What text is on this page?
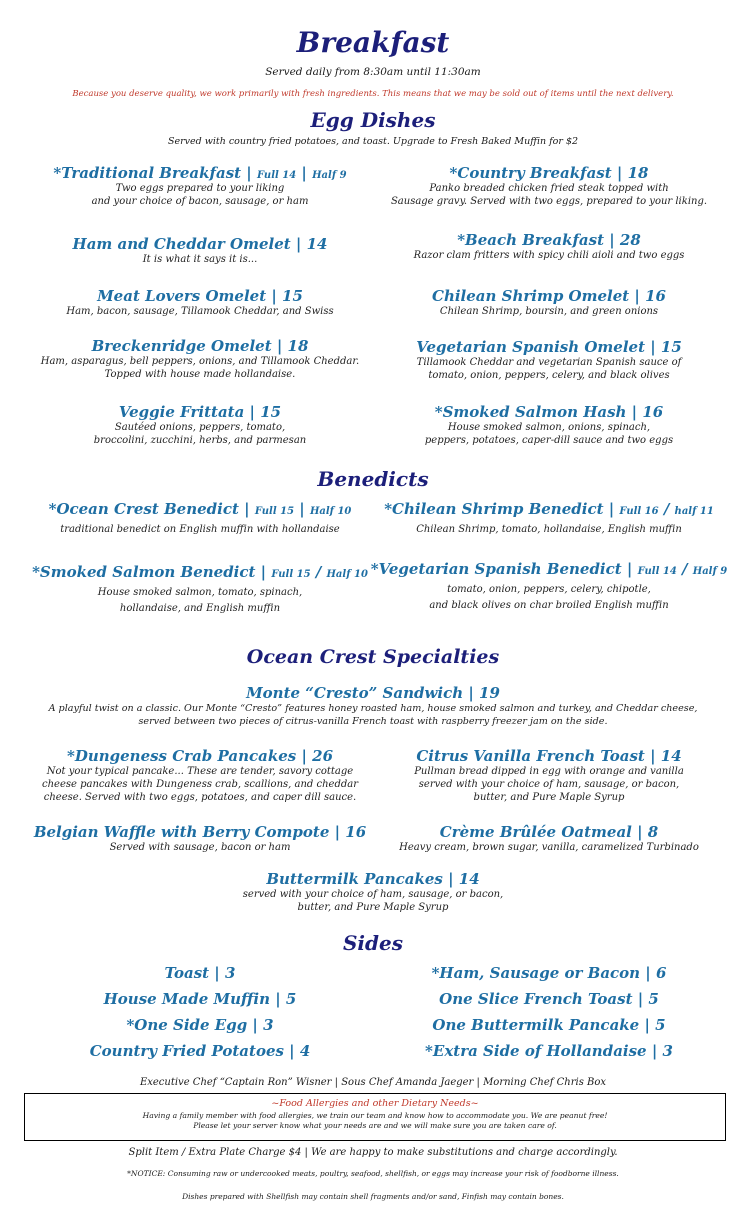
Breakfast
Served daily from 8:30am until 11:30am
Because you deserve quality, we work primarily with fresh ingredients. This means that we may be sold out of items until the next delivery.
Egg Dishes
Served with country fried potatoes, and toast. Upgrade to Fresh Baked Muffin for $2
*Traditional Breakfast | Full 14 | Half 9
Two eggs prepared to your liking
and your choice of bacon, sausage, or ham
*Country Breakfast | 18
Panko breaded chicken fried steak topped with
Sausage gravy. Served with two eggs, prepared to your liking.
Ham and Cheddar Omelet | 14
It is what it says it is...
*Beach Breakfast | 28
Razor clam fritters with spicy chili aioli and two eggs
Meat Lovers Omelet | 15
Ham, bacon, sausage, Tillamook Cheddar, and Swiss
Chilean Shrimp Omelet | 16
Chilean Shrimp, boursin, and green onions
Breckenridge Omelet | 18
Ham, asparagus, bell peppers, onions, and Tillamook Cheddar.
Topped with house made hollandaise.
Vegetarian Spanish Omelet | 15
Tillamook Cheddar and vegetarian Spanish sauce of
tomato, onion, peppers, celery, and black olives
Veggie Frittata | 15
Sautéed onions, peppers, tomato,
broccolini, zucchini, herbs, and parmesan
*Smoked Salmon Hash | 16
House smoked salmon, onions, spinach,
peppers, potatoes, caper-dill sauce and two eggs
Benedicts
*Ocean Crest Benedict | Full 15 | Half 10
traditional benedict on English muffin with hollandaise
*Chilean Shrimp Benedict | Full 16 / half 11
Chilean Shrimp, tomato, hollandaise, English muffin
*Smoked Salmon Benedict | Full 15 / Half 10
House smoked salmon, tomato, spinach,
hollandaise, and English muffin
*Vegetarian Spanish Benedict | Full 14 / Half 9
tomato, onion, peppers, celery, chipotle,
and black olives on char broiled English muffin
Ocean Crest Specialties
Monte “Cresto” Sandwich | 19
A playful twist on a classic. Our Monte “Cresto” features honey roasted ham, house smoked salmon and turkey, and Cheddar cheese,
served between two pieces of citrus-vanilla French toast with raspberry freezer jam on the side.
*Dungeness Crab Pancakes | 26
Not your typical pancake... These are tender, savory cottage
cheese pancakes with Dungeness crab, scallions, and cheddar
cheese. Served with two eggs, potatoes, and caper dill sauce.
Citrus Vanilla French Toast | 14
Pullman bread dipped in egg with orange and vanilla
served with your choice of ham, sausage, or bacon,
butter, and Pure Maple Syrup
Belgian Waffle with Berry Compote | 16
Served with sausage, bacon or ham
Crème Brûlée Oatmeal | 8
Heavy cream, brown sugar, vanilla, caramelized Turbinado
Buttermilk Pancakes | 14
served with your choice of ham, sausage, or bacon,
butter, and Pure Maple Syrup
Sides
Toast | 3
House Made Muffin | 5
*One Side Egg | 3
Country Fried Potatoes | 4
*Ham, Sausage or Bacon | 6
One Slice French Toast | 5
One Buttermilk Pancake | 5
*Extra Side of Hollandaise | 3
Executive Chef “Captain Ron” Wisner | Sous Chef Amanda Jaeger | Morning Chef Chris Box
~Food Allergies and other Dietary Needs~
Having a family member with food allergies, we train our team and know how to accommodate you. We are peanut free!
Please let your server know what your needs are and we will make sure you are taken care of.
Split Item / Extra Plate Charge $4 | We are happy to make substitutions and charge accordingly.
*NOTICE: Consuming raw or undercooked meats, poultry, seafood, shellfish, or eggs may increase your risk of foodborne illness.
Dishes prepared with Shellfish may contain shell fragments and/or sand, Finfish may contain bones.
